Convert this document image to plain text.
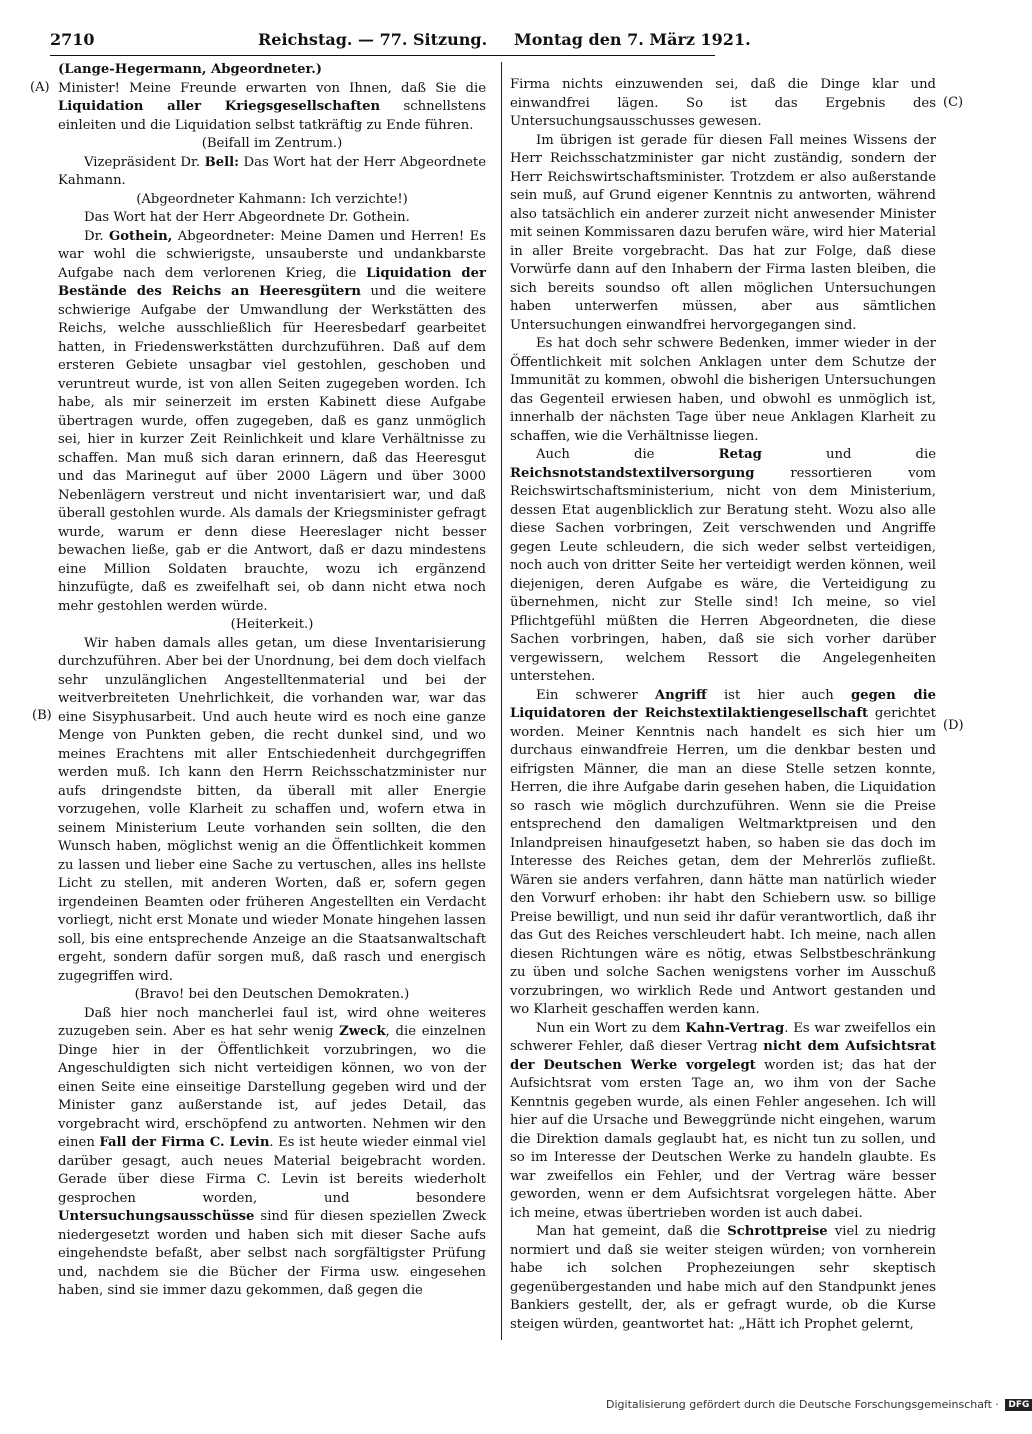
2710	Reichstag. — 77. Sitzung. Montag den 7. März 1921.
(A)
(B)
(C)
(D)

(Lange-Hegermann, Abgeordneter.)

Minister! Meine Freunde erwarten von Ihnen, daß Sie die Liquidation aller Kriegsgesellschaften schnellstens einleiten und die Liquidation selbst tatkräftig zu Ende führen.

(Beifall im Zentrum.)

Vizepräsident Dr. Bell: Das Wort hat der Herr Abgeordnete Kahmann.

(Abgeordneter Kahmann: Ich verzichte!)

Das Wort hat der Herr Abgeordnete Dr. Gothein.

Dr. Gothein, Abgeordneter: Meine Damen und Herren! Es war wohl die schwierigste, unsauberste und undankbarste Aufgabe nach dem verlorenen Krieg, die Liquidation der Bestände des Reichs an Heeresgütern und die weitere schwierige Aufgabe der Umwandlung der Werkstätten des Reichs, welche ausschließlich für Heeresbedarf gearbeitet hatten, in Friedenswerkstätten durchzuführen. Daß auf dem ersteren Gebiete unsagbar viel gestohlen, geschoben und veruntreut wurde, ist von allen Seiten zugegeben worden. Ich habe, als mir seinerzeit im ersten Kabinett diese Aufgabe übertragen wurde, offen zugegeben, daß es ganz unmöglich sei, hier in kurzer Zeit Reinlichkeit und klare Verhältnisse zu schaffen. Man muß sich daran erinnern, daß das Heeresgut und das Marinegut auf über 2000 Lägern und über 3000 Nebenlägern verstreut und nicht inventarisiert war, und daß überall gestohlen wurde. Als damals der Kriegsminister gefragt wurde, warum er denn diese Heereslager nicht besser bewachen ließe, gab er die Antwort, daß er dazu mindestens eine Million Soldaten brauchte, wozu ich ergänzend hinzufügte, daß es zweifelhaft sei, ob dann nicht etwa noch mehr gestohlen werden würde.

(Heiterkeit.)

Wir haben damals alles getan, um diese Inventarisierung durchzuführen. Aber bei der Unordnung, bei dem doch vielfach sehr unzulänglichen Angestelltenmaterial und bei der weitverbreiteten Unehrlichkeit, die vorhanden war, war das eine Sisyphusarbeit. Und auch heute wird es noch eine ganze Menge von Punkten geben, die recht dunkel sind, und wo meines Erachtens mit aller Entschiedenheit durchgegriffen werden muß. Ich kann den Herrn Reichsschatzminister nur aufs dringendste bitten, da überall mit aller Energie vorzugehen, volle Klarheit zu schaffen und, wofern etwa in seinem Ministerium Leute vorhanden sein sollten, die den Wunsch haben, möglichst wenig an die Öffentlichkeit kommen zu lassen und lieber eine Sache zu vertuschen, alles ins hellste Licht zu stellen, mit anderen Worten, daß er, sofern gegen irgendeinen Beamten oder früheren Angestellten ein Verdacht vorliegt, nicht erst Monate und wieder Monate hingehen lassen soll, bis eine entsprechende Anzeige an die Staatsanwaltschaft ergeht, sondern dafür sorgen muß, daß rasch und energisch zugegriffen wird.

(Bravo! bei den Deutschen Demokraten.)

Daß hier noch mancherlei faul ist, wird ohne weiteres zuzugeben sein. Aber es hat sehr wenig Zweck, die einzelnen Dinge hier in der Öffentlichkeit vorzubringen, wo die Angeschuldigten sich nicht verteidigen können, wo von der einen Seite eine einseitige Darstellung gegeben wird und der Minister ganz außerstande ist, auf jedes Detail, das vorgebracht wird, erschöpfend zu antworten. Nehmen wir den einen Fall der Firma C. Levin. Es ist heute wieder einmal viel darüber gesagt, auch neues Material beigebracht worden. Gerade über diese Firma C. Levin ist bereits wiederholt gesprochen worden, und besondere Untersuchungsausschüsse sind für diesen speziellen Zweck niedergesetzt worden und haben sich mit dieser Sache aufs eingehendste befaßt, aber selbst nach sorgfältigster Prüfung und, nachdem sie die Bücher der Firma usw. eingesehen haben, sind sie immer dazu gekommen, daß gegen die

Firma nichts einzuwenden sei, daß die Dinge klar und einwandfrei lägen. So ist das Ergebnis des Untersuchungsausschusses gewesen.

Im übrigen ist gerade für diesen Fall meines Wissens der Herr Reichsschatzminister gar nicht zuständig, sondern der Herr Reichswirtschaftsminister. Trotzdem er also außerstande sein muß, auf Grund eigener Kenntnis zu antworten, während also tatsächlich ein anderer zurzeit nicht anwesender Minister mit seinen Kommissaren dazu berufen wäre, wird hier Material in aller Breite vorgebracht. Das hat zur Folge, daß diese Vorwürfe dann auf den Inhabern der Firma lasten bleiben, die sich bereits soundso oft allen möglichen Untersuchungen haben unterwerfen müssen, aber aus sämtlichen Untersuchungen einwandfrei hervorgegangen sind.

Es hat doch sehr schwere Bedenken, immer wieder in der Öffentlichkeit mit solchen Anklagen unter dem Schutze der Immunität zu kommen, obwohl die bisherigen Untersuchungen das Gegenteil erwiesen haben, und obwohl es unmöglich ist, innerhalb der nächsten Tage über neue Anklagen Klarheit zu schaffen, wie die Verhältnisse liegen.

Auch die Retag und die Reichsnotstandstextilversorgung ressortieren vom Reichswirtschaftsministerium, nicht von dem Ministerium, dessen Etat augenblicklich zur Beratung steht. Wozu also alle diese Sachen vorbringen, Zeit verschwenden und Angriffe gegen Leute schleudern, die sich weder selbst verteidigen, noch auch von dritter Seite her verteidigt werden können, weil diejenigen, deren Aufgabe es wäre, die Verteidigung zu übernehmen, nicht zur Stelle sind! Ich meine, so viel Pflichtgefühl müßten die Herren Abgeordneten, die diese Sachen vorbringen, haben, daß sie sich vorher darüber vergewissern, welchem Ressort die Angelegenheiten unterstehen.

Ein schwerer Angriff ist hier auch gegen die Liquidatoren der Reichstextilaktiengesellschaft gerichtet worden. Meiner Kenntnis nach handelt es sich hier um durchaus einwandfreie Herren, um die denkbar besten und eifrigsten Männer, die man an diese Stelle setzen konnte, Herren, die ihre Aufgabe darin gesehen haben, die Liquidation so rasch wie möglich durchzuführen. Wenn sie die Preise entsprechend den damaligen Weltmarktpreisen und den Inlandpreisen hinaufgesetzt haben, so haben sie das doch im Interesse des Reiches getan, dem der Mehrerlös zufließt. Wären sie anders verfahren, dann hätte man natürlich wieder den Vorwurf erhoben: ihr habt den Schiebern usw. so billige Preise bewilligt, und nun seid ihr dafür verantwortlich, daß ihr das Gut des Reiches verschleudert habt. Ich meine, nach allen diesen Richtungen wäre es nötig, etwas Selbstbeschränkung zu üben und solche Sachen wenigstens vorher im Ausschuß vorzubringen, wo wirklich Rede und Antwort gestanden und wo Klarheit geschaffen werden kann.

Nun ein Wort zu dem Kahn-Vertrag. Es war zweifellos ein schwerer Fehler, daß dieser Vertrag nicht dem Aufsichtsrat der Deutschen Werke vorgelegt worden ist; das hat der Aufsichtsrat vom ersten Tage an, wo ihm von der Sache Kenntnis gegeben wurde, als einen Fehler angesehen. Ich will hier auf die Ursache und Beweggründe nicht eingehen, warum die Direktion damals geglaubt hat, es nicht tun zu sollen, und so im Interesse der Deutschen Werke zu handeln glaubte. Es war zweifellos ein Fehler, und der Vertrag wäre besser geworden, wenn er dem Aufsichtsrat vorgelegen hätte. Aber ich meine, etwas übertrieben worden ist auch dabei.

Man hat gemeint, daß die Schrottpreise viel zu niedrig normiert und daß sie weiter steigen würden; von vornherein habe ich solchen Prophezeiungen sehr skeptisch gegenübergestanden und habe mich auf den Standpunkt jenes Bankiers gestellt, der, als er gefragt wurde, ob die Kurse steigen würden, geantwortet hat: „Hätt ich Prophet gelernt,

Digitalisierung gefördert durch die Deutsche Forschungsgemeinschaft · DFG
